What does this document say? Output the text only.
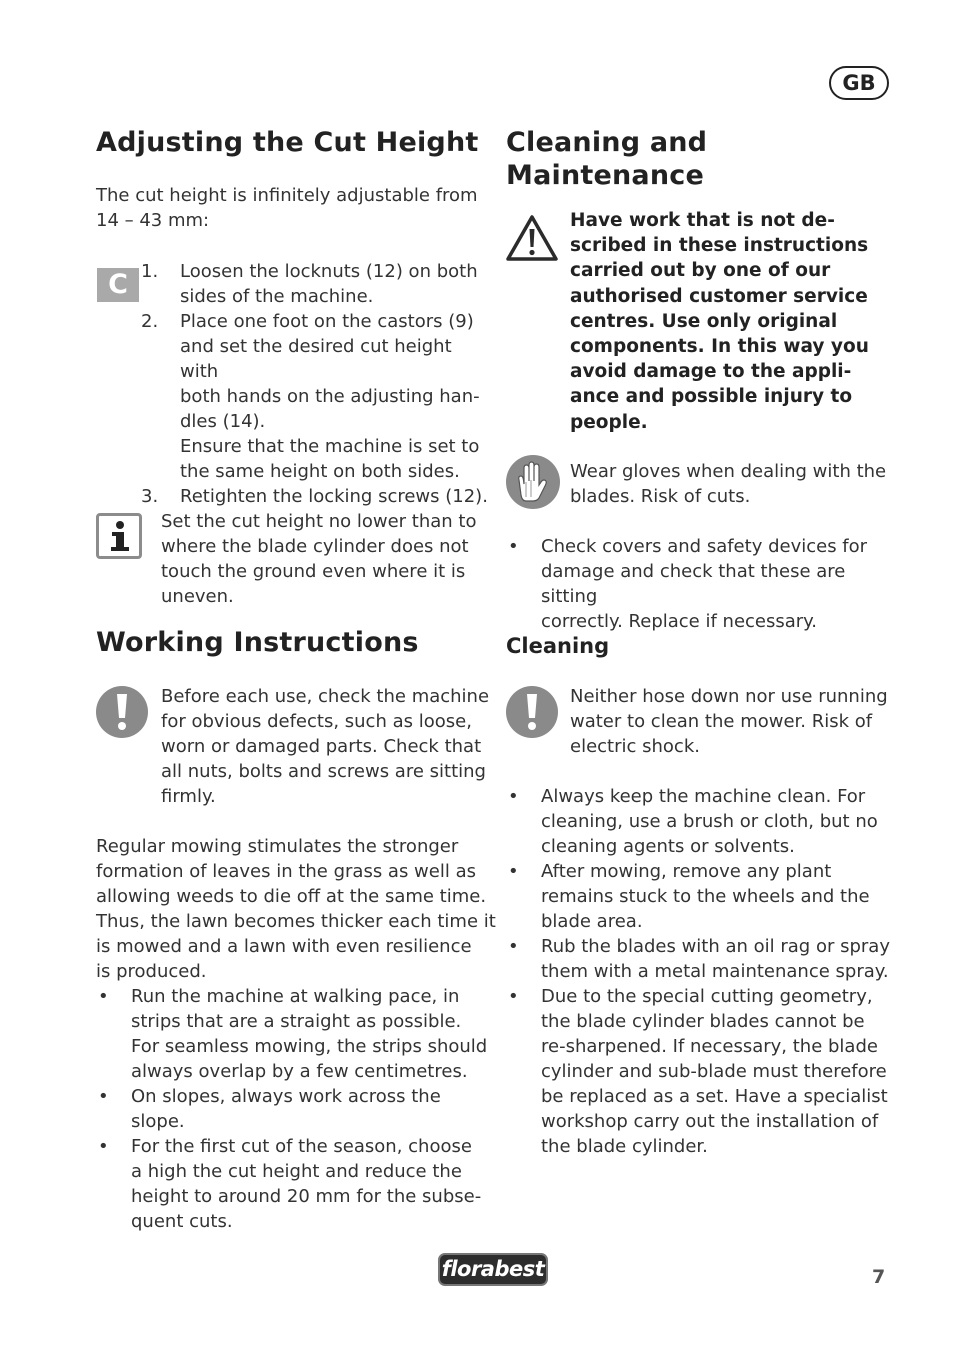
GB
Adjusting the Cut Height
The cut height is infinitely adjustable from
14 – 43 mm:
C 1. Loosen the locknuts (12) on both
sides of the machine.
2. Place one foot on the castors (9)
and set the desired cut height with
both hands on the adjusting han-
dles (14).
Ensure that the machine is set to
the same height on both sides.
3. Retighten the locking screws (12).
Set the cut height no lower than to
where the blade cylinder does not
touch the ground even where it is
uneven.
Working Instructions
Before each use, check the machine
for obvious defects, such as loose,
worn or damaged parts. Check that
all nuts, bolts and screws are sitting
firmly.
Regular mowing stimulates the stronger
formation of leaves in the grass as well as
allowing weeds to die off at the same time.
Thus, the lawn becomes thicker each time it
is mowed and a lawn with even resilience
is produced.
• Run the machine at walking pace, in
strips that are a straight as possible.
For seamless mowing, the strips should
always overlap by a few centimetres.
• On slopes, always work across the
slope.
• For the first cut of the season, choose
a high the cut height and reduce the
height to around 20 mm for the subse-
quent cuts.
Cleaning and
Maintenance
Have work that is not de-
scribed in these instructions
carried out by one of our
authorised customer service
centres. Use only original
components. In this way you
avoid damage to the appli-
ance and possible injury to
people.
Wear gloves when dealing with the
blades. Risk of cuts.
• Check covers and safety devices for
damage and check that these are sitting
correctly. Replace if necessary.
Cleaning
Neither hose down nor use running
water to clean the mower. Risk of
electric shock.
• Always keep the machine clean. For
cleaning, use a brush or cloth, but no
cleaning agents or solvents.
• After mowing, remove any plant
remains stuck to the wheels and the
blade area.
• Rub the blades with an oil rag or spray
them with a metal maintenance spray.
• Due to the special cutting geometry,
the blade cylinder blades cannot be
re-sharpened. If necessary, the blade
cylinder and sub-blade must therefore
be replaced as a set. Have a specialist
workshop carry out the installation of
the blade cylinder.
florabest	7
